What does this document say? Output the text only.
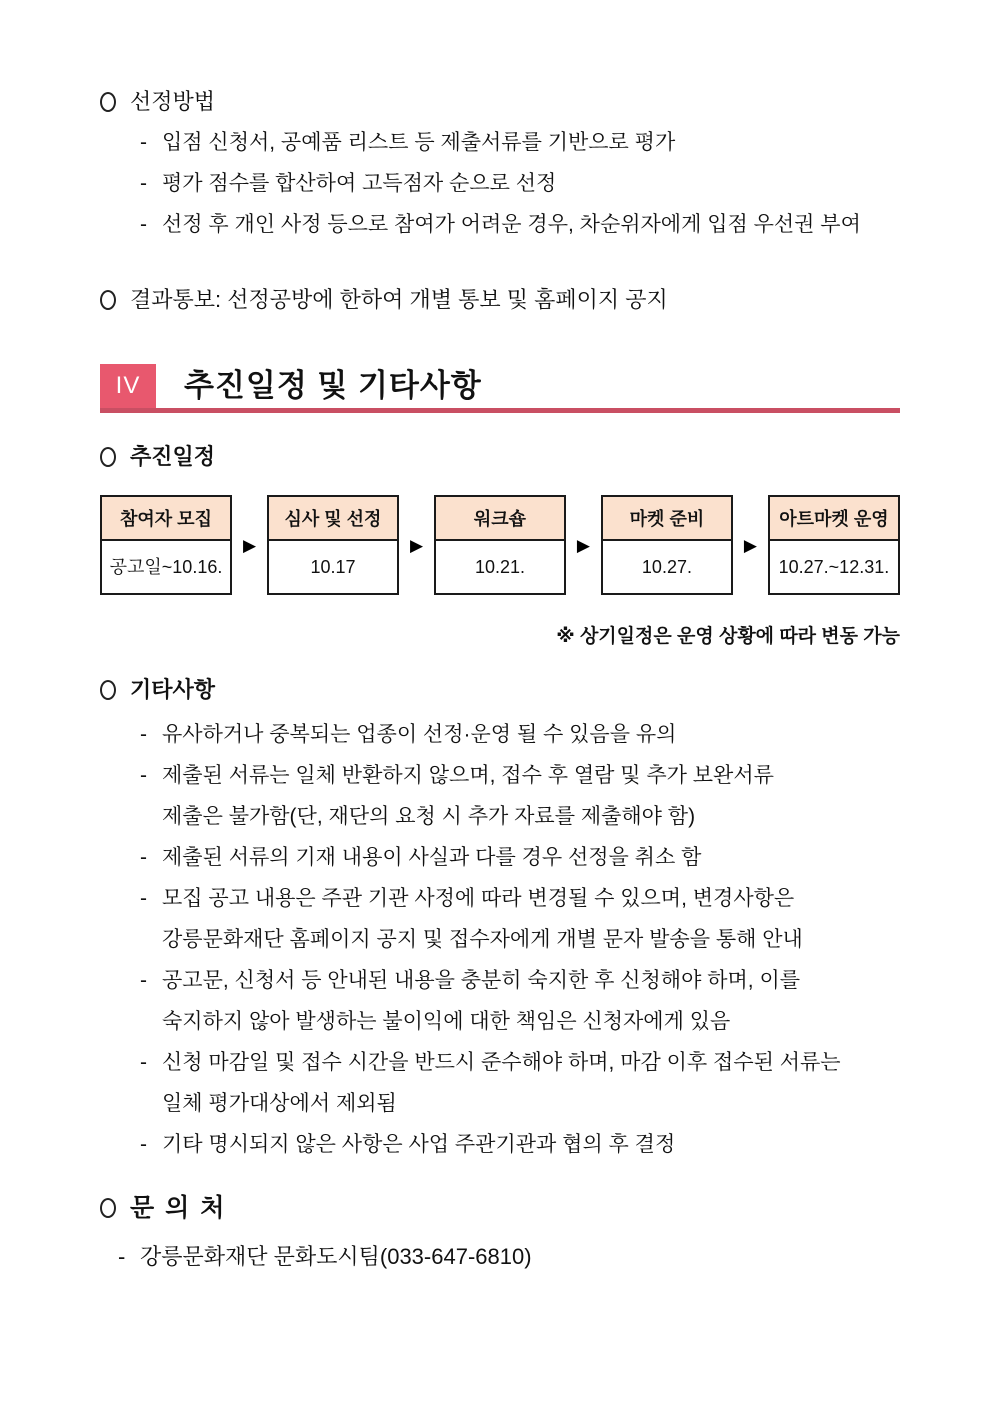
선정방법
- 입점 신청서, 공예품 리스트 등 제출서류를 기반으로 평가
- 평가 점수를 합산하여 고득점자 순으로 선정
- 선정 후 개인 사정 등으로 참여가 어려운 경우, 차순위자에게 입점 우선권 부여
결과통보 : 선정공방에 한하여 개별 통보 및 홈페이지 공지
IV	추진일정 및 기타사항
추진일정
참여자 모집
공고일~10.16.
▶
심사 및 선정
10.17
▶
워크숍
10.21.
▶
마켓 준비
10.27.
▶
아트마켓 운영
10.27.~12.31.
※ 상기일정은 운영 상황에 따라 변동 가능
기타사항
- 유사하거나 중복되는 업종이 선정·운영 될 수 있음을 유의
- 제출된 서류는 일체 반환하지 않으며, 접수 후 열람 및 추가 보완서류
제출은 불가함(단, 재단의 요청 시 추가 자료를 제출해야 함)
- 제출된 서류의 기재 내용이 사실과 다를 경우 선정을 취소 함
- 모집 공고 내용은 주관 기관 사정에 따라 변경될 수 있으며, 변경사항은
강릉문화재단 홈페이지 공지 및 접수자에게 개별 문자 발송을 통해 안내
- 공고문, 신청서 등 안내된 내용을 충분히 숙지한 후 신청해야 하며, 이를
숙지하지 않아 발생하는 불이익에 대한 책임은 신청자에게 있음
- 신청 마감일 및 접수 시간을 반드시 준수해야 하며, 마감 이후 접수된 서류는
일체 평가대상에서 제외됨
- 기타 명시되지 않은 사항은 사업 주관기관과 협의 후 결정
문 의 처
- 강릉문화재단 문화도시팀(033-647-6810)
